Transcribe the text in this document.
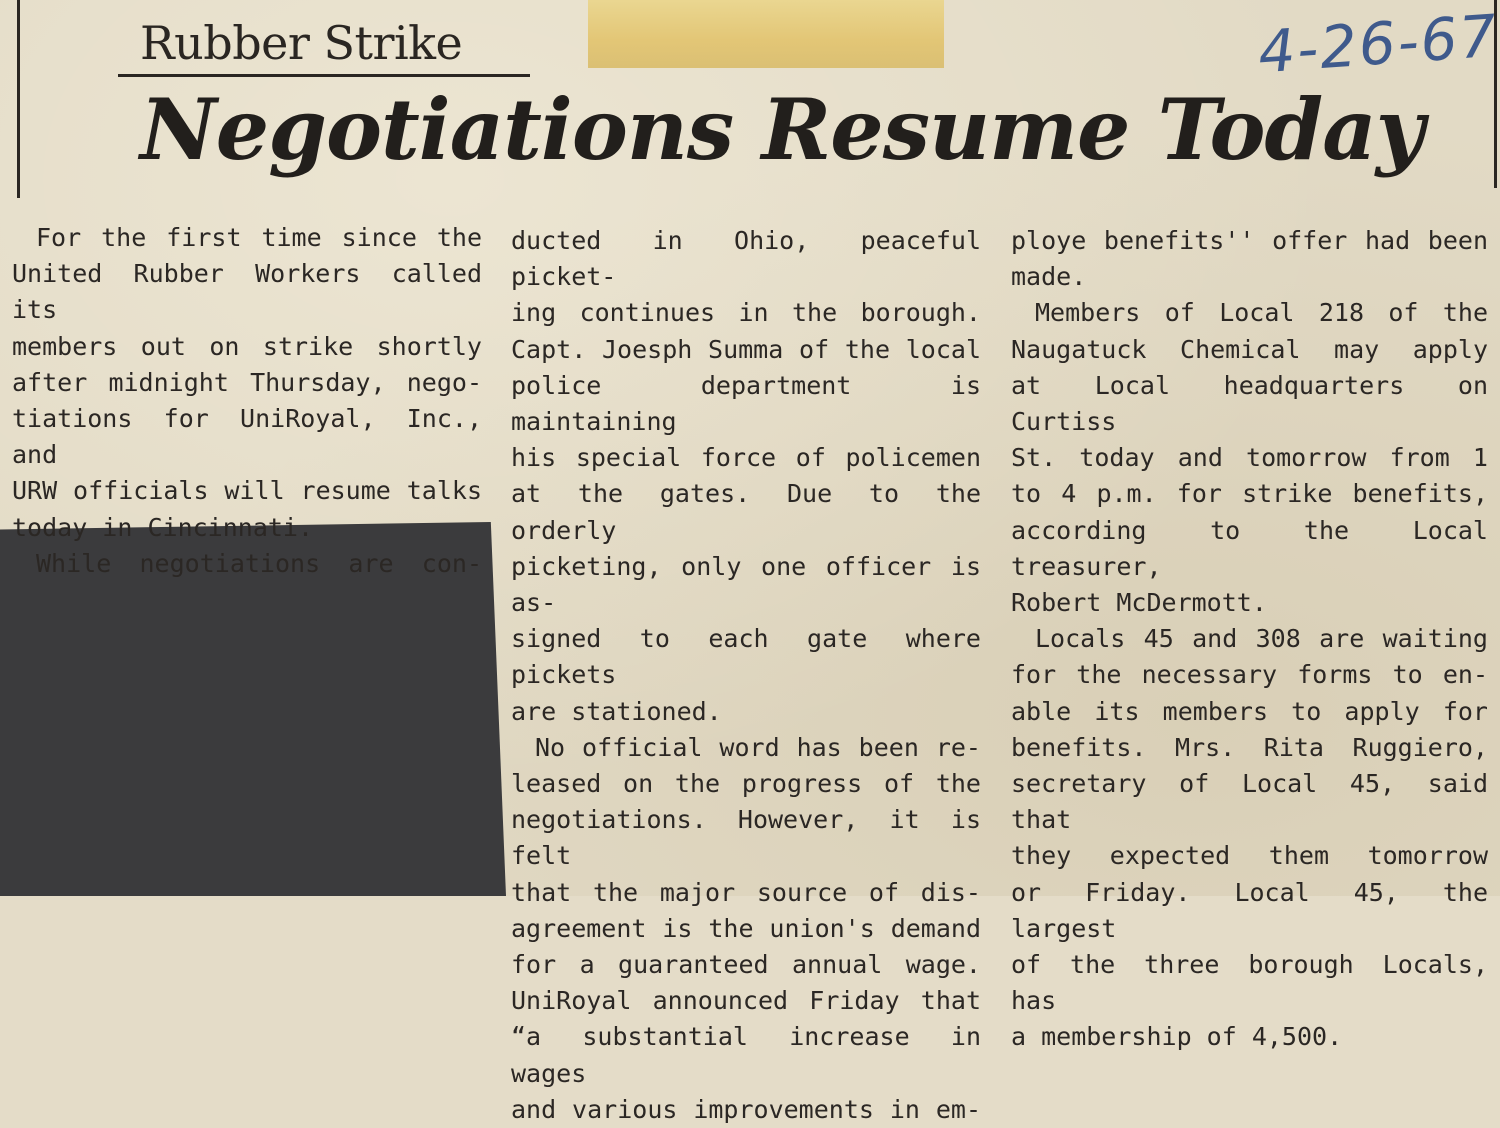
Rubber Strike	4-26-67
Negotiations Resume Today

For the first time since the

United Rubber Workers called its

members out on strike shortly

after midnight Thursday, nego-

tiations for UniRoyal, Inc., and

URW officials will resume talks

today in Cincinnati.

While negotiations are con-

ducted in Ohio, peaceful picket-

ing continues in the borough.

Capt. Joesph Summa of the local

police department is maintaining

his special force of policemen

at the gates. Due to the orderly

picketing, only one officer is as-

signed to each gate where pickets

are stationed.

No official word has been re-

leased on the progress of the

negotiations. However, it is felt

that the major source of dis-

agreement is the union's demand

for a guaranteed annual wage.

UniRoyal announced Friday that

“a substantial increase in wages

and various improvements in em-

ploye benefits'' offer had been

made.

Members of Local 218 of the

Naugatuck Chemical may apply

at Local headquarters on Curtiss

St. today and tomorrow from 1

to 4 p.m. for strike benefits,

according to the Local treasurer,

Robert McDermott.

Locals 45 and 308 are waiting

for the necessary forms to en-

able its members to apply for

benefits. Mrs. Rita Ruggiero,

secretary of Local 45, said that

they expected them tomorrow

or Friday. Local 45, the largest

of the three borough Locals, has

a membership of 4,500.
